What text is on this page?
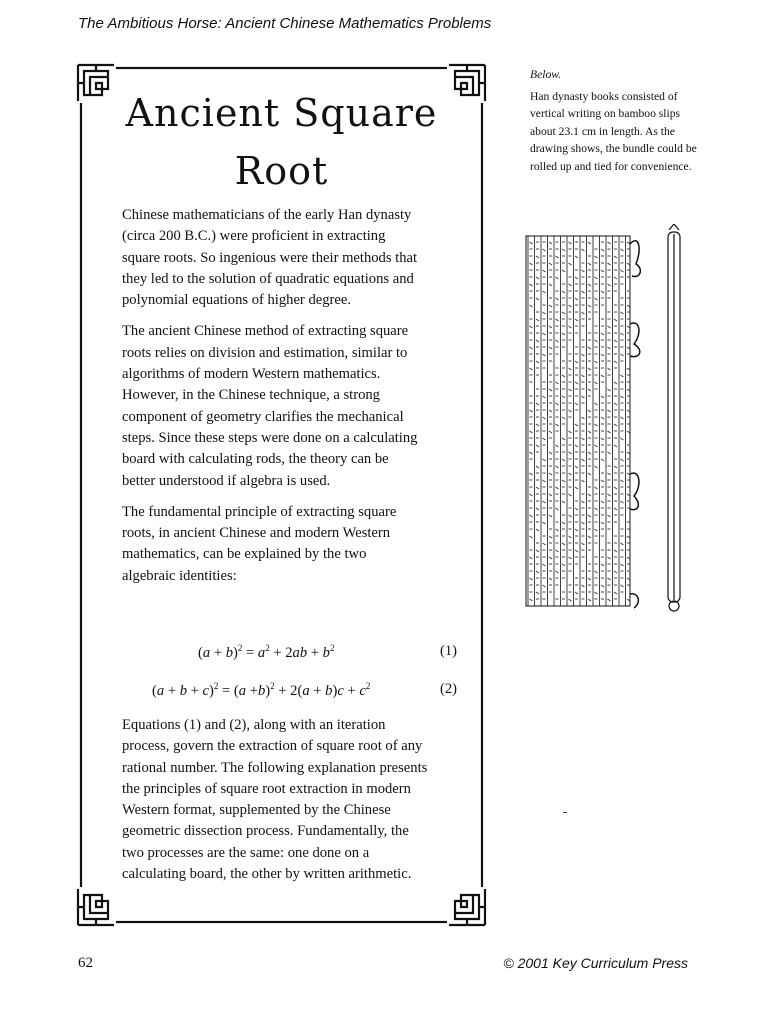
The Ambitious Horse: Ancient Chinese Mathematics Problems
Ancient Square
Root

Chinese mathematicians of the early Han dynasty (circa 200 B.C.) were proficient in extracting square roots. So ingenious were their methods that they led to the solution of quadratic equations and polynomial equations of higher degree.

The ancient Chinese method of extracting square roots relies on division and estimation, similar to algorithms of modern Western mathematics. However, in the Chinese technique, a strong component of geometry clarifies the mechanical steps. Since these steps were done on a calculating board with calculating rods, the theory can be better understood if algebra is used.

The fundamental principle of extracting square roots, in ancient Chinese and modern Western mathematics, can be explained by the two algebraic identities:

$(a + b)^2 = a^2 + 2ab + b^2$	(1)
$(a + b + c)^2 = (a +b)^2 + 2(a + b)c + c^2$	(2)

Equations (1) and (2), along with an iteration process, govern the extraction of square root of any rational number. The following explanation presents the principles of square root extraction in modern Western format, supplemented by the Chinese geometric dissection process. Fundamentally, the two processes are the same: one done on a calculating board, the other by written arithmetic.

Below.
Han dynasty books consisted of vertical writing on bamboo slips about 23.1 cm in length. As the drawing shows, the bundle could be rolled up and tied for convenience.
62	© 2001 Key Curriculum Press
